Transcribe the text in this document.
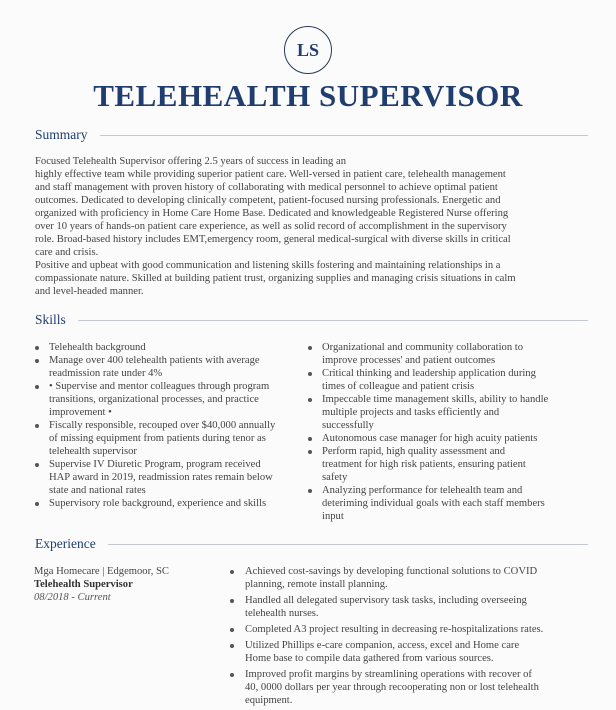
LS
TELEHEALTH SUPERVISOR
Summary
Focused Telehealth Supervisor offering 2.5 years of success in leading an
highly effective team while providing superior patient care. Well-versed in patient care, telehealth management
and staff management with proven history of collaborating with medical personnel to achieve optimal patient
outcomes. Dedicated to developing clinically competent, patient-focused nursing professionals. Energetic and
organized with proficiency in Home Care Home Base. Dedicated and knowledgeable Registered Nurse offering
over 10 years of hands-on patient care experience, as well as solid record of accomplishment in the supervisory
role. Broad-based history includes EMT,emergency room, general medical-surgical with diverse skills in critical
care and crisis.
Positive and upbeat with good communication and listening skills fostering and maintaining relationships in a
compassionate nature. Skilled at building patient trust, organizing supplies and managing crisis situations in calm
and level-headed manner.
Skills
Telehealth background
Manage over 400 telehealth patients with average
readmission rate under 4%
• Supervise and mentor colleagues through program
transitions, organizational processes, and practice
improvement •
Fiscally responsible, recouped over $40,000 annually
of missing equipment from patients during tenor as
telehealth supervisor
Supervise IV Diuretic Program, program received
HAP award in 2019, readmission rates remain below
state and national rates
Supervisory role background, experience and skills
Organizational and community collaboration to
improve processes' and patient outcomes
Critical thinking and leadership application during
times of colleague and patient crisis
Impeccable time management skills, ability to handle
multiple projects and tasks efficiently and
successfully
Autonomous case manager for high acuity patients
Perform rapid, high quality assessment and
treatment for high risk patients, ensuring patient
safety
Analyzing performance for telehealth team and
deteriming individual goals with each staff members
input
Experience
Mga Homecare | Edgemoor, SC
Telehealth Supervisor
08/2018 - Current
Achieved cost-savings by developing functional solutions to COVID
planning, remote install planning.
Handled all delegated supervisory task tasks, including overseeing
telehealth nurses.
Completed A3 project resulting in decreasing re-hospitalizations rates.
Utilized Phillips e-care companion, access, excel and Home care
Home base to compile data gathered from various sources.
Improved profit margins by streamlining operations with recover of
40, 0000 dollars per year through recooperating non or lost telehealth
equipment.
